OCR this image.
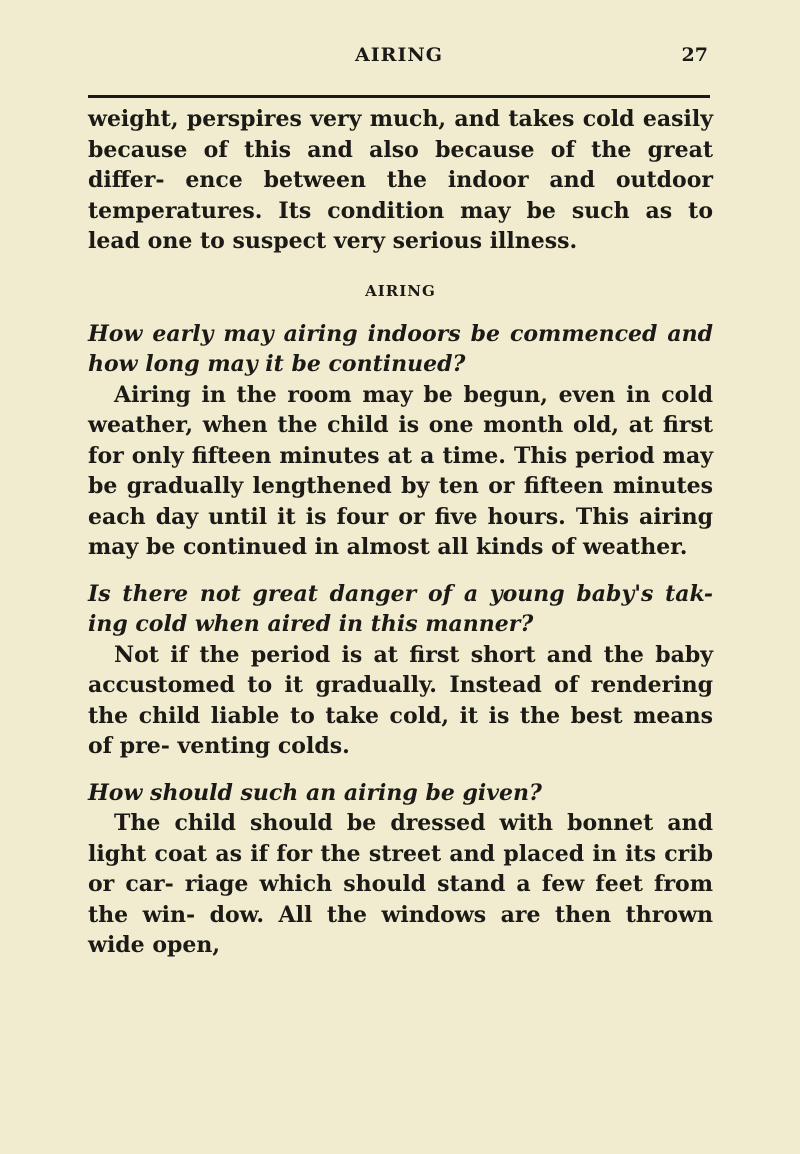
AIRING	27

weight, perspires very much, and takes cold easily because of this and also because of the great differ- ence between the indoor and outdoor temperatures. Its condition may be such as to lead one to suspect very serious illness.

AIRING

How early may airing indoors be commenced and how long may it be continued?

Airing in the room may be begun, even in cold weather, when the child is one month old, at first for only fifteen minutes at a time. This period may be gradually lengthened by ten or fifteen minutes each day until it is four or five hours. This airing may be continued in almost all kinds of weather.

Is there not great danger of a young baby's tak- ing cold when aired in this manner?

Not if the period is at first short and the baby accustomed to it gradually. Instead of rendering the child liable to take cold, it is the best means of pre- venting colds.

How should such an airing be given?

The child should be dressed with bonnet and light coat as if for the street and placed in its crib or car- riage which should stand a few feet from the win- dow. All the windows are then thrown wide open,
